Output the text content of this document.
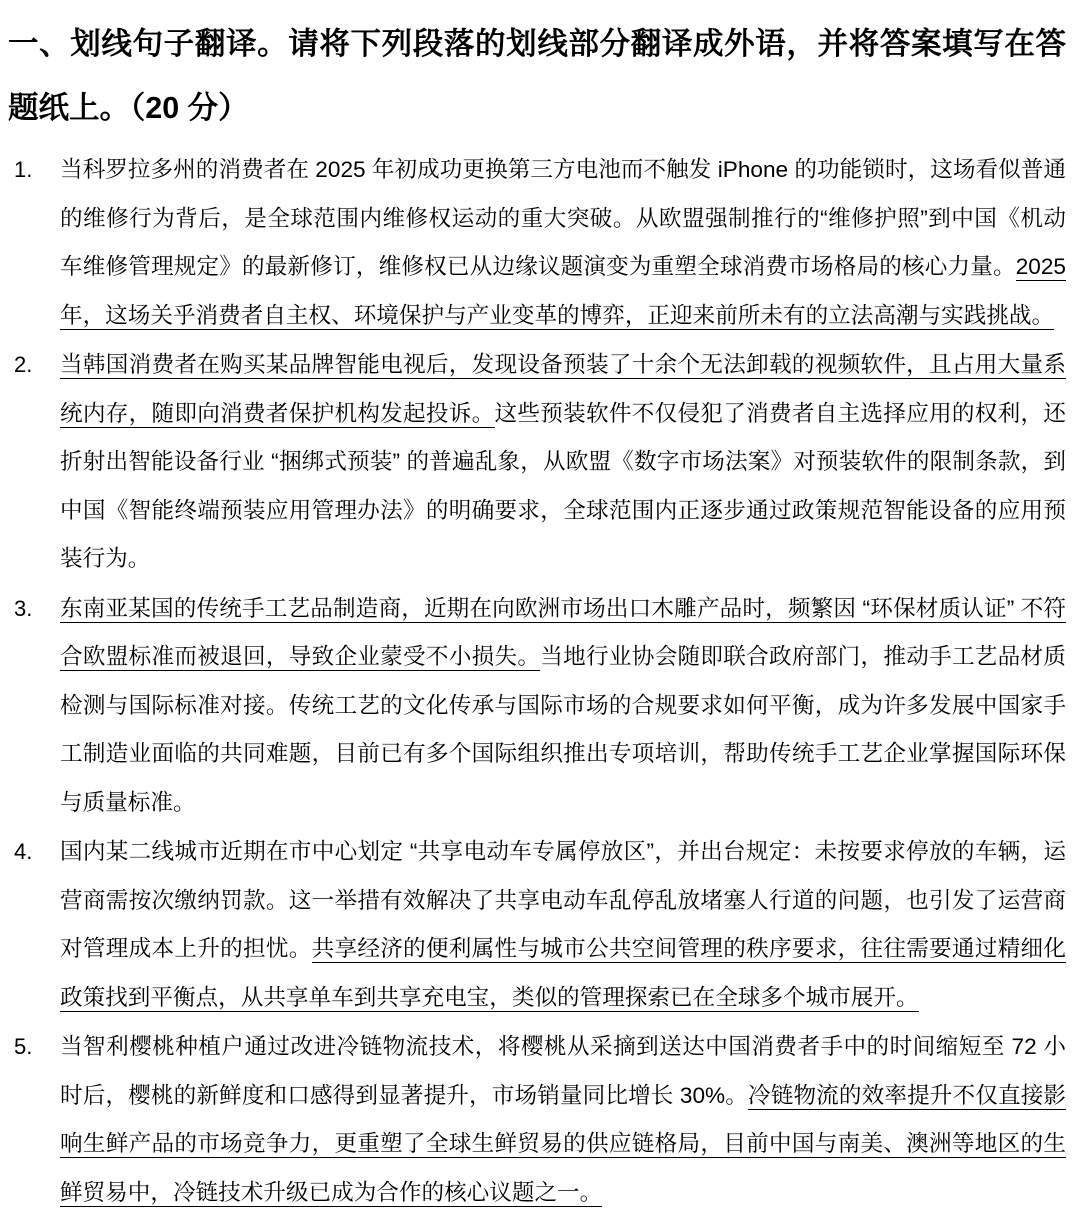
一、划线句子翻译。请将下列段落的划线部分翻译成外语，并将答案填写在答题纸上。（20 分）
1.	当科罗拉多州的消费者在 2025 年初成功更换第三方电池而不触发 iPhone 的功能锁时，这场看似普通的维修行为背后，是全球范围内维修权运动的重大突破。从欧盟强制推行的“维修护照”到中国《机动车维修管理规定》的最新修订，维修权已从边缘议题演变为重塑全球消费市场格局的核心力量。2025 年，这场关乎消费者自主权、环境保护与产业变革的博弈，正迎来前所未有的立法高潮与实践挑战。
2.	当韩国消费者在购买某品牌智能电视后，发现设备预装了十余个无法卸载的视频软件，且占用大量系统内存，随即向消费者保护机构发起投诉。这些预装软件不仅侵犯了消费者自主选择应用的权利，还折射出智能设备行业 “捆绑式预装” 的普遍乱象，从欧盟《数字市场法案》对预装软件的限制条款，到中国《智能终端预装应用管理办法》的明确要求，全球范围内正逐步通过政策规范智能设备的应用预装行为。
3.	东南亚某国的传统手工艺品制造商，近期在向欧洲市场出口木雕产品时，频繁因 “环保材质认证” 不符合欧盟标准而被退回，导致企业蒙受不小损失。当地行业协会随即联合政府部门，推动手工艺品材质检测与国际标准对接。传统工艺的文化传承与国际市场的合规要求如何平衡，成为许多发展中国家手工制造业面临的共同难题，目前已有多个国际组织推出专项培训，帮助传统手工艺企业掌握国际环保与质量标准。
4.	国内某二线城市近期在市中心划定 “共享电动车专属停放区”，并出台规定：未按要求停放的车辆，运营商需按次缴纳罚款。这一举措有效解决了共享电动车乱停乱放堵塞人行道的问题，也引发了运营商对管理成本上升的担忧。共享经济的便利属性与城市公共空间管理的秩序要求，往往需要通过精细化政策找到平衡点，从共享单车到共享充电宝，类似的管理探索已在全球多个城市展开。
5.	当智利樱桃种植户通过改进冷链物流技术，将樱桃从采摘到送达中国消费者手中的时间缩短至 72 小时后，樱桃的新鲜度和口感得到显著提升，市场销量同比增长 30%。冷链物流的效率提升不仅直接影响生鲜产品的市场竞争力，更重塑了全球生鲜贸易的供应链格局，目前中国与南美、澳洲等地区的生鲜贸易中，冷链技术升级已成为合作的核心议题之一。
